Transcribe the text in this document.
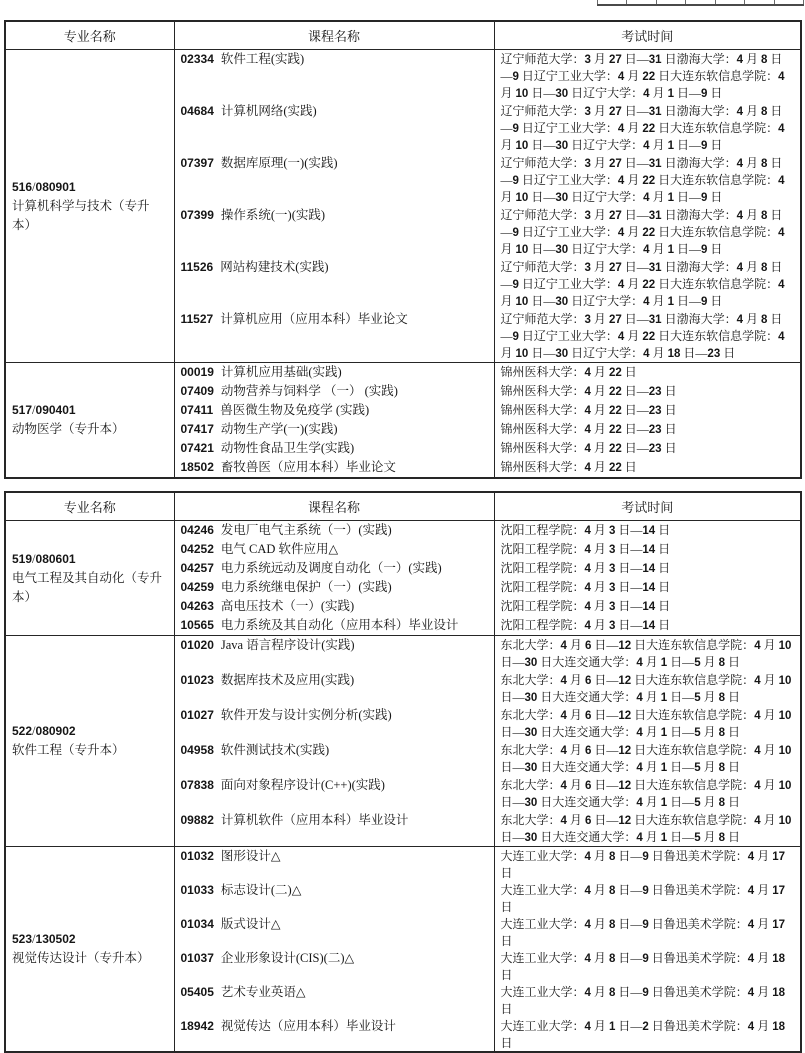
专业名称	课程名称	考试时间

516/080901
计算机科学与技术（专升本）	02334 软件工程(实践)	辽宁师范大学：3 月 27 日—31 日渤海大学：4 月 8 日—9 日辽宁工业大学：4 月 22 日大连东软信息学院：4 月 10 日—30 日辽宁大学：4 月 1 日—9 日
	04684 计算机网络(实践)	辽宁师范大学：3 月 27 日—31 日渤海大学：4 月 8 日—9 日辽宁工业大学：4 月 22 日大连东软信息学院：4 月 10 日—30 日辽宁大学：4 月 1 日—9 日
	07397 数据库原理(一)(实践)	辽宁师范大学：3 月 27 日—31 日渤海大学：4 月 8 日—9 日辽宁工业大学：4 月 22 日大连东软信息学院：4 月 10 日—30 日辽宁大学：4 月 1 日—9 日
	07399 操作系统(一)(实践)	辽宁师范大学：3 月 27 日—31 日渤海大学：4 月 8 日—9 日辽宁工业大学：4 月 22 日大连东软信息学院：4 月 10 日—30 日辽宁大学：4 月 1 日—9 日
	11526 网站构建技术(实践)	辽宁师范大学：3 月 27 日—31 日渤海大学：4 月 8 日—9 日辽宁工业大学：4 月 22 日大连东软信息学院：4 月 10 日—30 日辽宁大学：4 月 1 日—9 日
	11527 计算机应用（应用本科）毕业论文	辽宁师范大学：3 月 27 日—31 日渤海大学：4 月 8 日—9 日辽宁工业大学：4 月 22 日大连东软信息学院：4 月 10 日—30 日辽宁大学：4 月 18 日—23 日

517/090401
动物医学（专升本）	00019 计算机应用基础(实践)	锦州医科大学：4 月 22 日
	07409 动物营养与饲料学 （一） (实践)	锦州医科大学：4 月 22 日—23 日
	07411 兽医微生物及免疫学 (实践)	锦州医科大学：4 月 22 日—23 日
	07417 动物生产学(一)(实践)	锦州医科大学：4 月 22 日—23 日
	07421 动物性食品卫生学(实践)	锦州医科大学：4 月 22 日—23 日
	18502 畜牧兽医（应用本科）毕业论文	锦州医科大学：4 月 22 日
专业名称	课程名称	考试时间

519/080601
电气工程及其自动化（专升本）	04246 发电厂电气主系统（一）(实践)	沈阳工程学院：4 月 3 日—14 日
	04252 电气 CAD 软件应用△	沈阳工程学院：4 月 3 日—14 日
	04257 电力系统远动及调度自动化（一）(实践)	沈阳工程学院：4 月 3 日—14 日
	04259 电力系统继电保护（一）(实践)	沈阳工程学院：4 月 3 日—14 日
	04263 高电压技术（一）(实践)	沈阳工程学院：4 月 3 日—14 日
	10565 电力系统及其自动化（应用本科）毕业设计	沈阳工程学院：4 月 3 日—14 日

522/080902
软件工程（专升本）	01020 Java 语言程序设计(实践)	东北大学：4 月 6 日—12 日大连东软信息学院：4 月 10 日—30 日大连交通大学：4 月 1 日—5 月 8 日
	01023 数据库技术及应用(实践)	东北大学：4 月 6 日—12 日大连东软信息学院：4 月 10 日—30 日大连交通大学：4 月 1 日—5 月 8 日
	01027 软件开发与设计实例分析(实践)	东北大学：4 月 6 日—12 日大连东软信息学院：4 月 10 日—30 日大连交通大学：4 月 1 日—5 月 8 日
	04958 软件测试技术(实践)	东北大学：4 月 6 日—12 日大连东软信息学院：4 月 10 日—30 日大连交通大学：4 月 1 日—5 月 8 日
	07838 面向对象程序设计(C++)(实践)	东北大学：4 月 6 日—12 日大连东软信息学院：4 月 10 日—30 日大连交通大学：4 月 1 日—5 月 8 日
	09882 计算机软件（应用本科）毕业设计	东北大学：4 月 6 日—12 日大连东软信息学院：4 月 10 日—30 日大连交通大学：4 月 1 日—5 月 8 日

523/130502
视觉传达设计（专升本）	01032 图形设计△	大连工业大学：4 月 8 日—9 日鲁迅美术学院：4 月 17 日
	01033 标志设计(二)△	大连工业大学：4 月 8 日—9 日鲁迅美术学院：4 月 17 日
	01034 版式设计△	大连工业大学：4 月 8 日—9 日鲁迅美术学院：4 月 17 日
	01037 企业形象设计(CIS)(二)△	大连工业大学：4 月 8 日—9 日鲁迅美术学院：4 月 18 日
	05405 艺术专业英语△	大连工业大学：4 月 8 日—9 日鲁迅美术学院：4 月 18 日
	18942 视觉传达（应用本科）毕业设计	大连工业大学：4 月 1 日—2 日鲁迅美术学院：4 月 18 日
